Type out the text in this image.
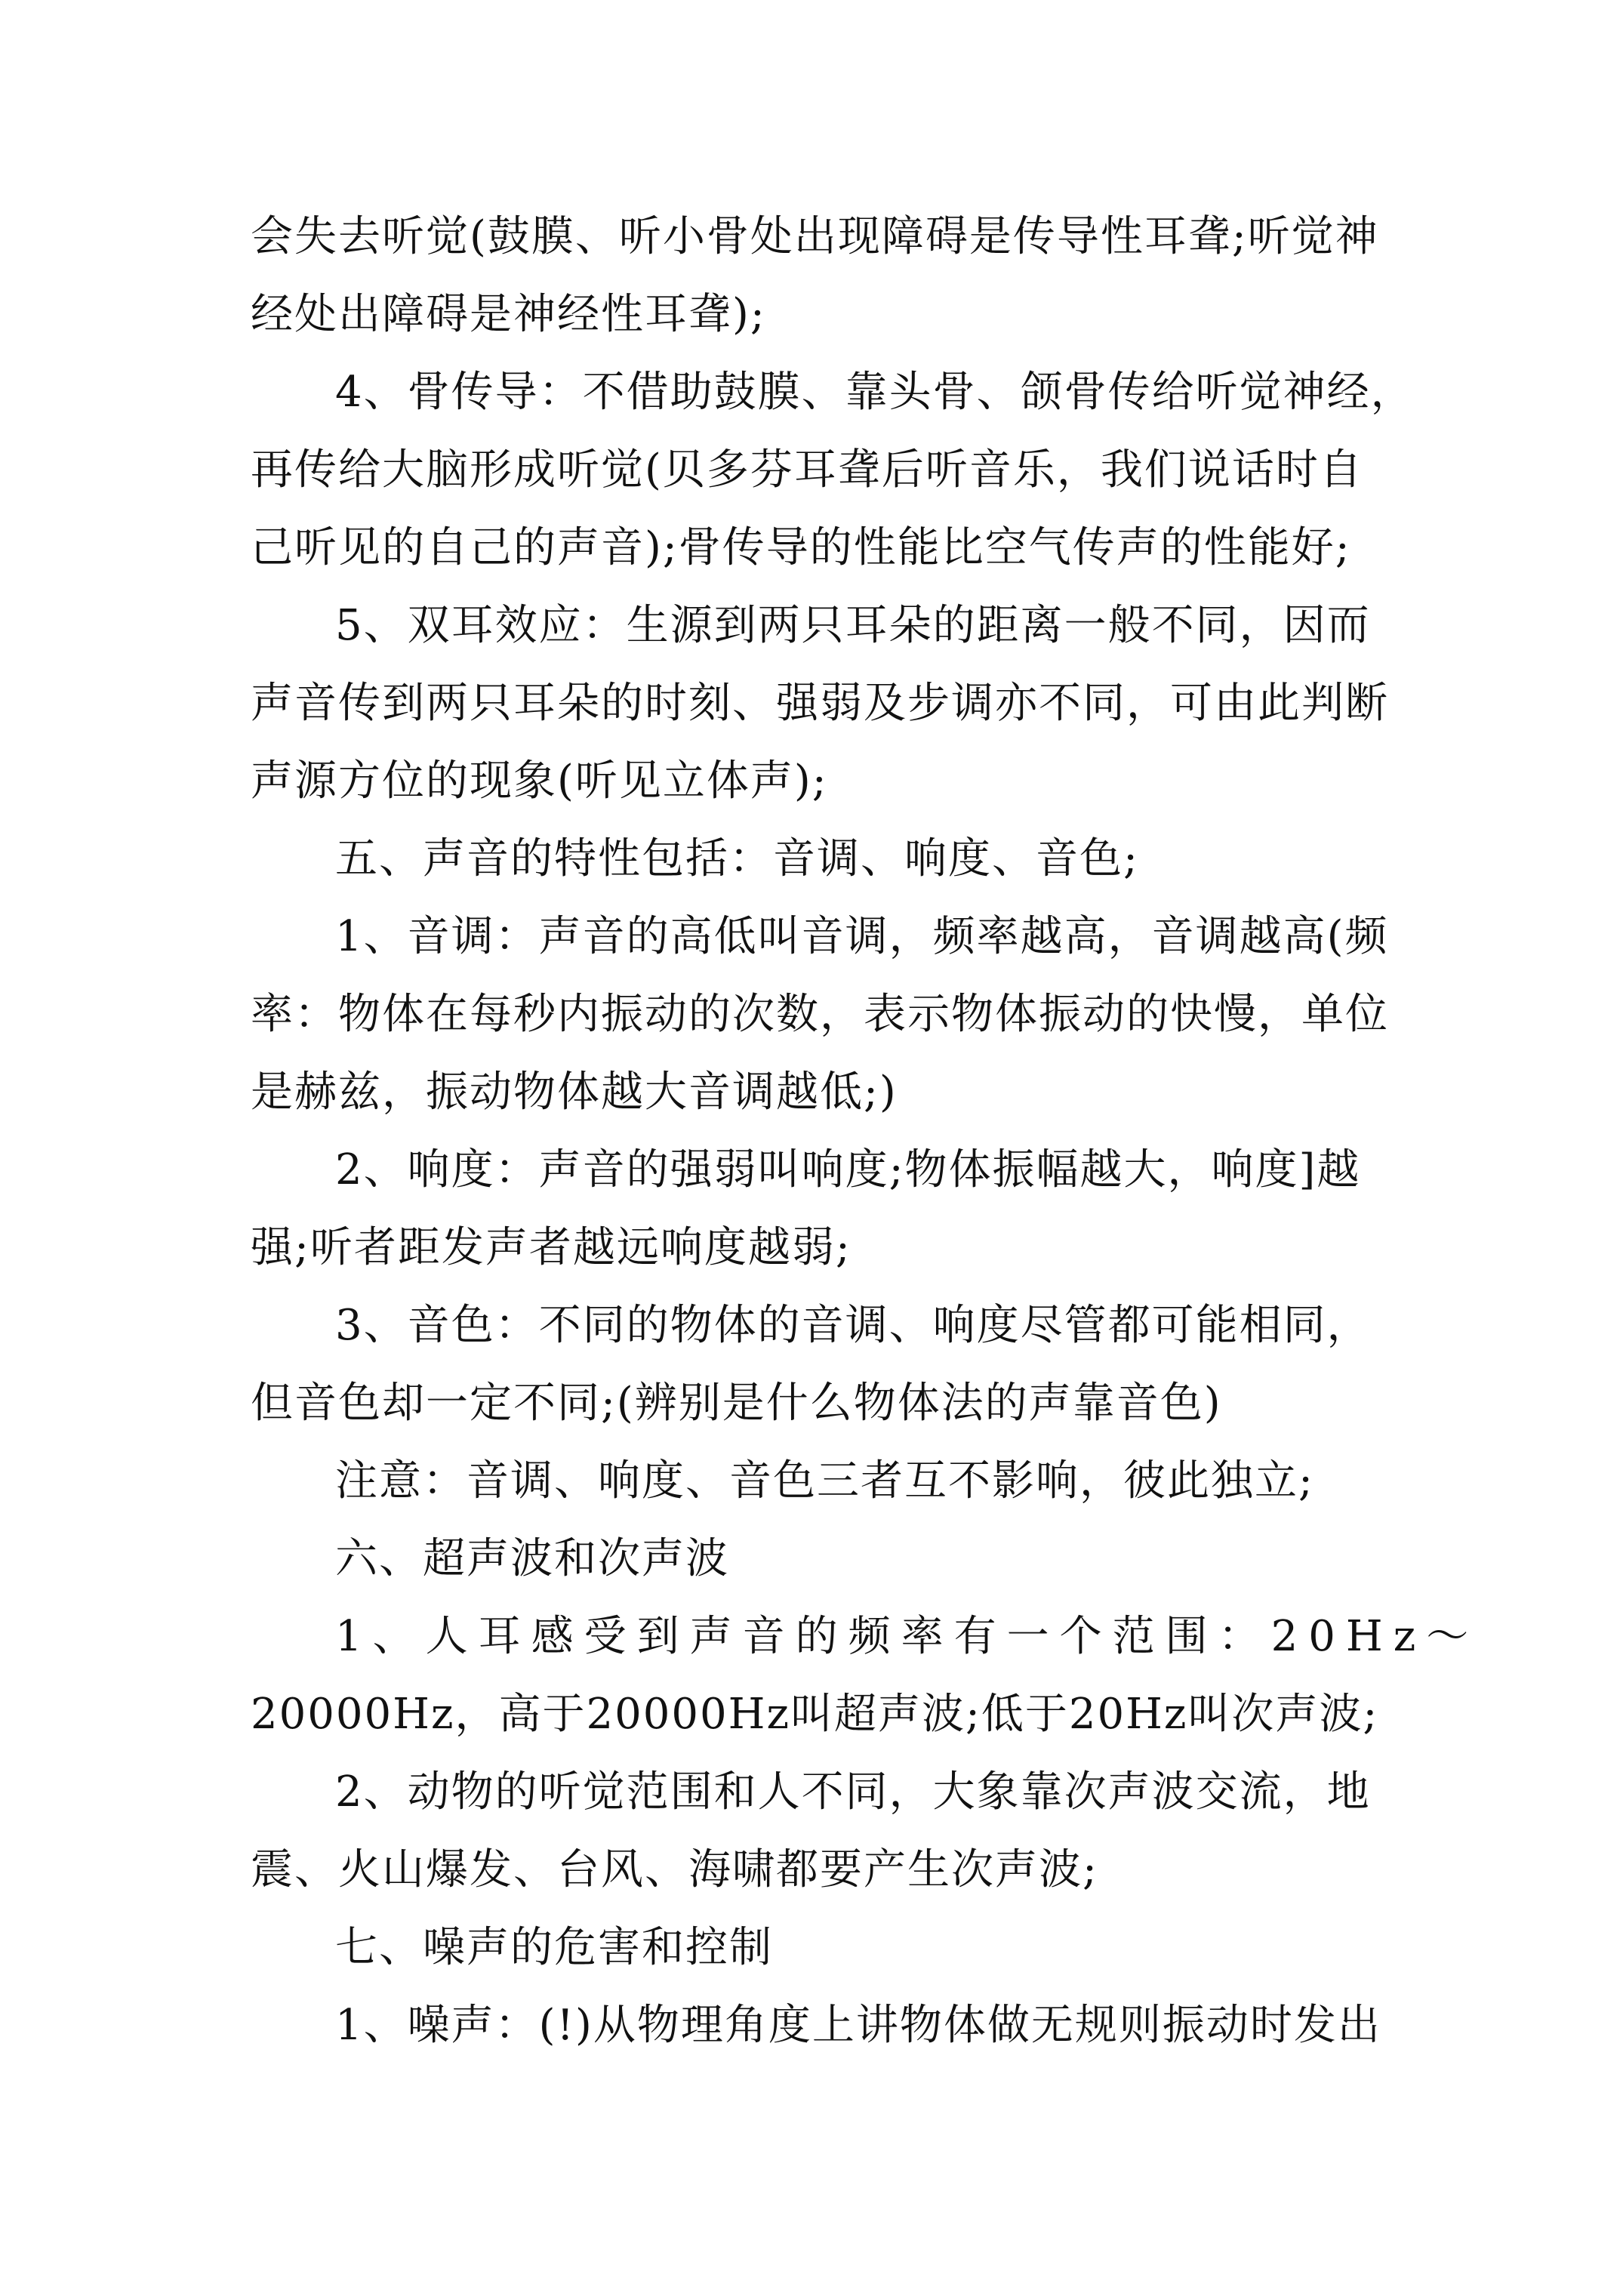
会失去听觉(鼓膜、听小骨处出现障碍是传导性耳聋;听觉神
经处出障碍是神经性耳聋);
4、骨传导：不借助鼓膜、靠头骨、颌骨传给听觉神经，
再传给大脑形成听觉(贝多芬耳聋后听音乐，我们说话时自
己听见的自己的声音);骨传导的性能比空气传声的性能好;
5、双耳效应：生源到两只耳朵的距离一般不同，因而
声音传到两只耳朵的时刻、强弱及步调亦不同，可由此判断
声源方位的现象(听见立体声);
五、声音的特性包括：音调、响度、音色;
1、音调：声音的高低叫音调，频率越高，音调越高(频
率：物体在每秒内振动的次数，表示物体振动的快慢，单位
是赫兹，振动物体越大音调越低;)
2、响度：声音的强弱叫响度;物体振幅越大，响度]越
强;听者距发声者越远响度越弱;
3、音色：不同的物体的音调、响度尽管都可能相同，
但音色却一定不同;(辨别是什么物体法的声靠音色)
注意：音调、响度、音色三者互不影响，彼此独立;
六、超声波和次声波
1、人耳感受到声音的频率有一个范围：20Hz～
20000Hz，高于20000Hz叫超声波;低于20Hz叫次声波;
2、动物的听觉范围和人不同，大象靠次声波交流，地
震、火山爆发、台风、海啸都要产生次声波;
七、噪声的危害和控制
1、噪声：(!)从物理角度上讲物体做无规则振动时发出
